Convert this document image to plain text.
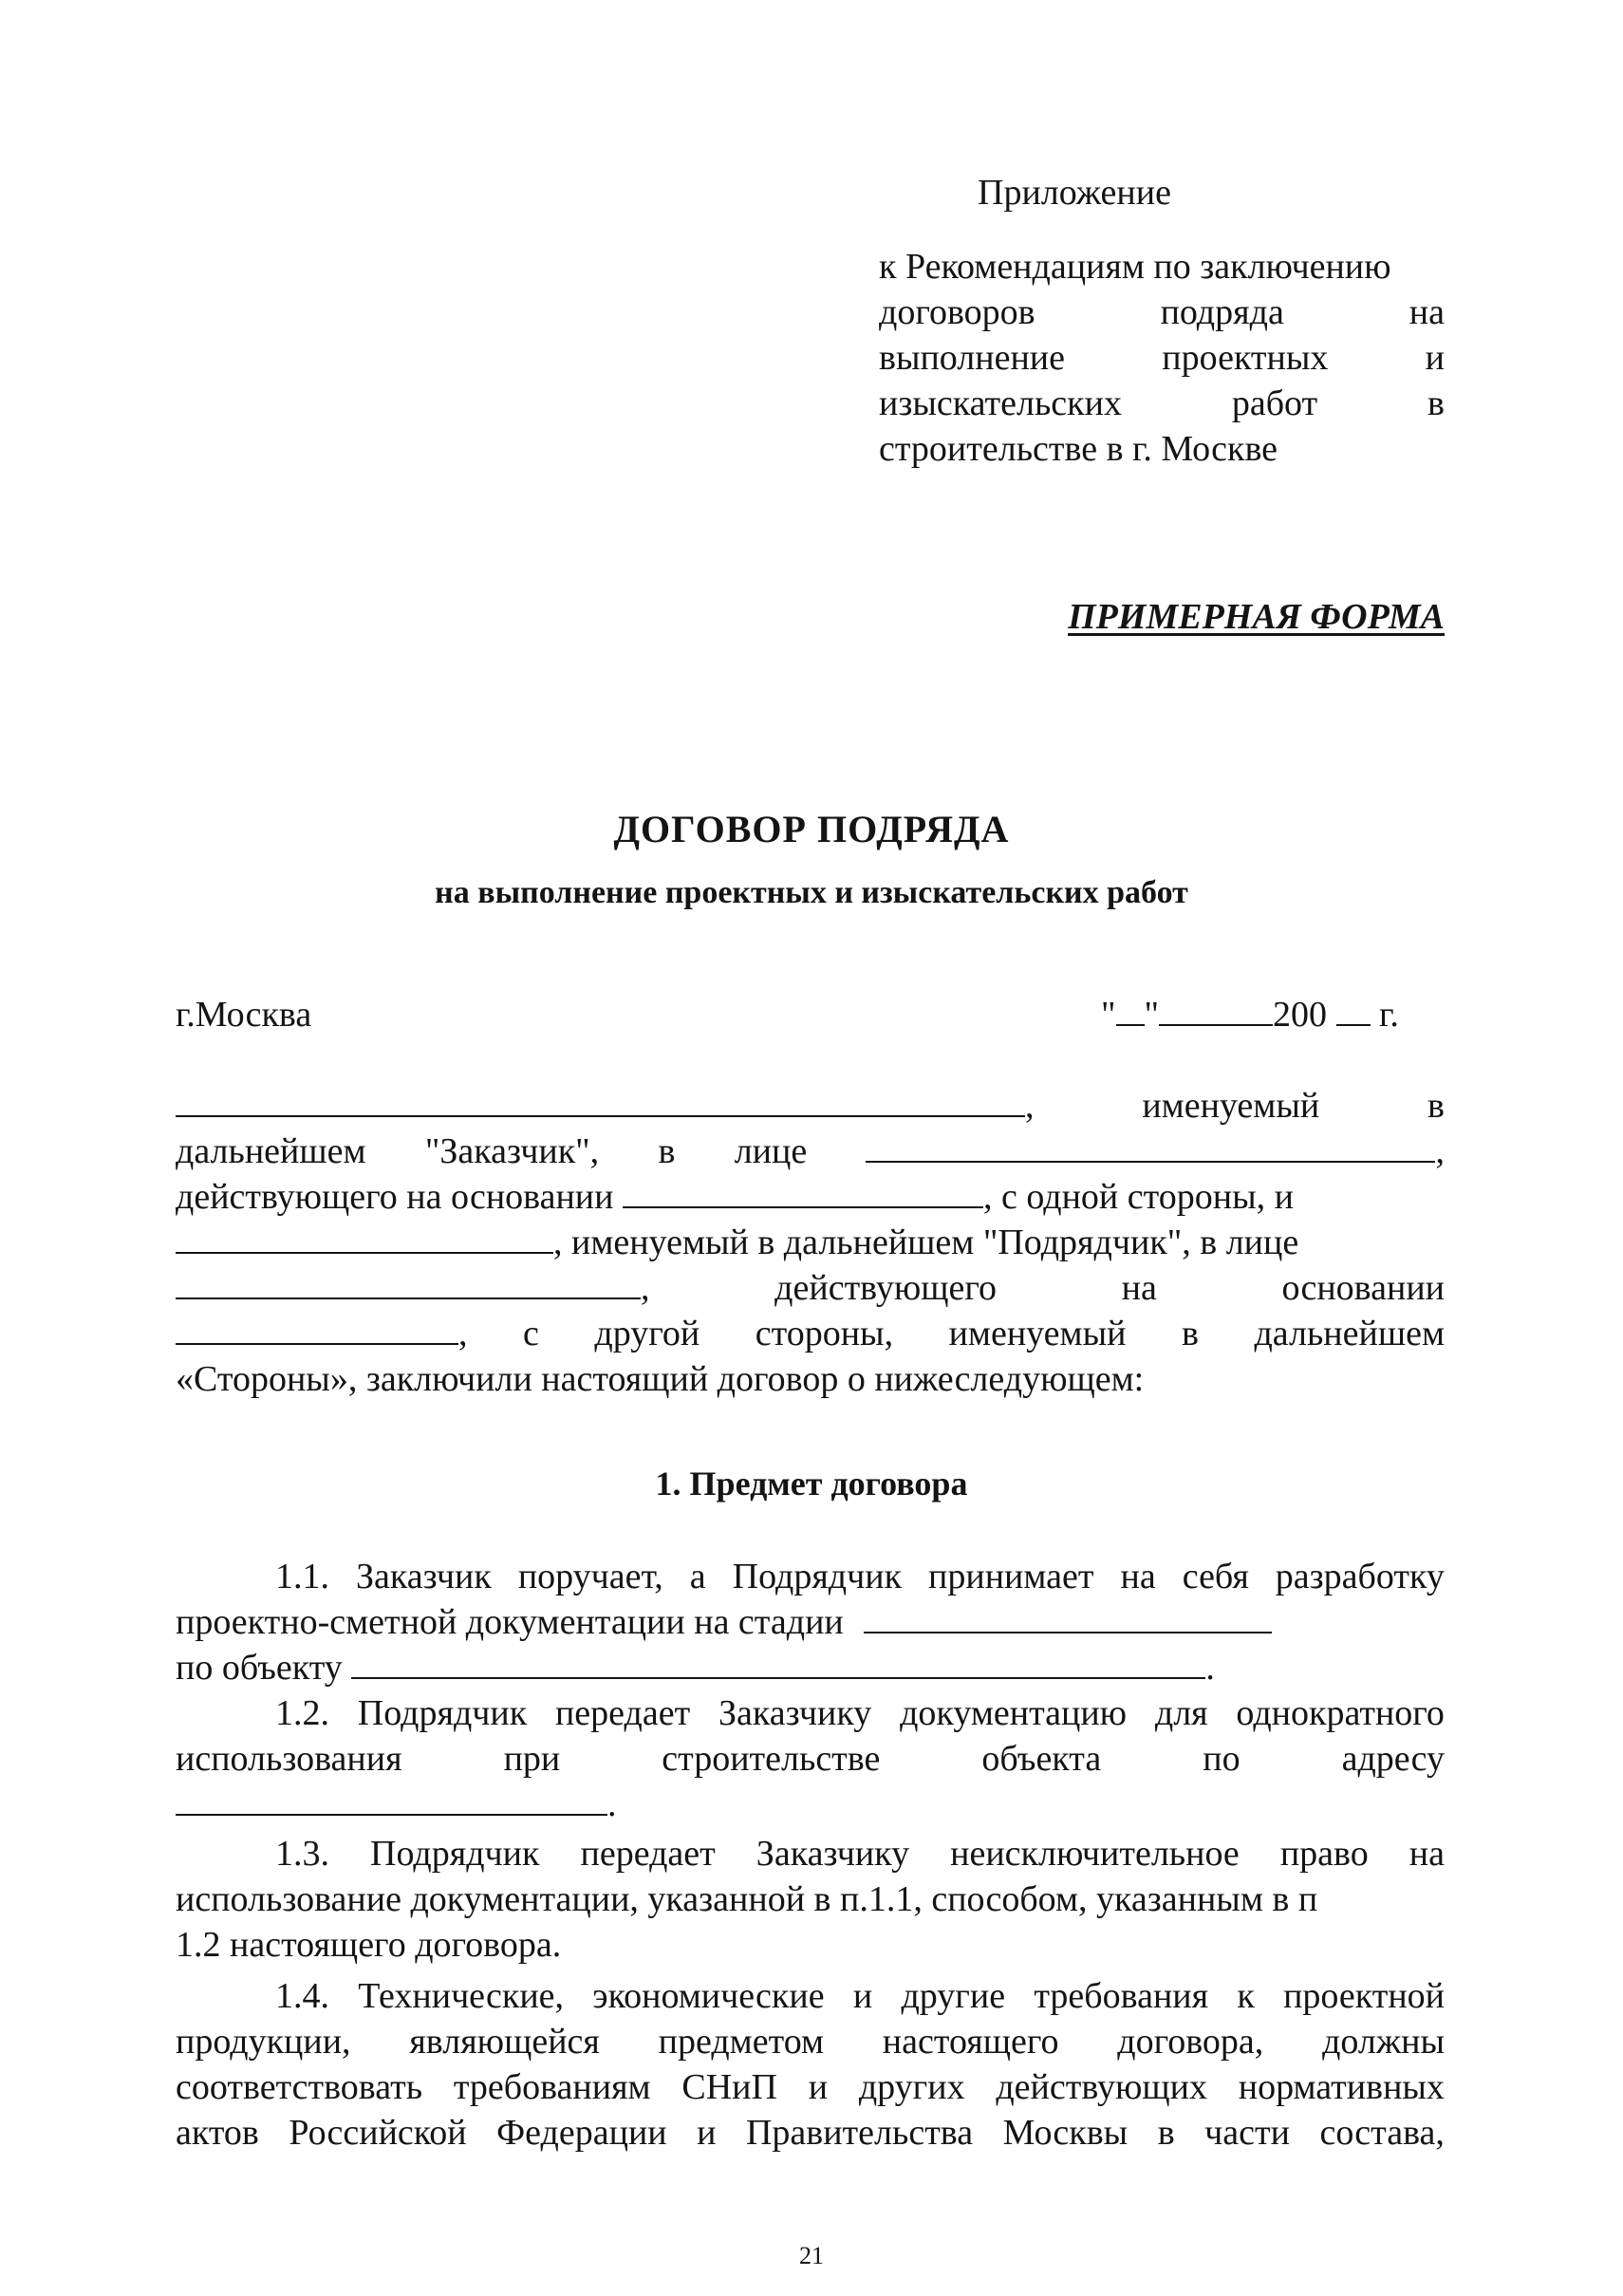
Приложение
к Рекомендациям по заключению
договоров	подряда	на
выполнение	проектных	и
изыскательских	работ	в
строительстве в г. Москве
ПРИМЕРНАЯ ФОРМА
ДОГОВОР ПОДРЯДА
на выполнение проектных и изыскательских работ
г.Москва	" "	200 г.
,	именуемый	в
дальнейшем "Заказчик", в лице	,
действующего на основании	, с одной стороны, и
, именуемый в дальнейшем "Подрядчик", в лице
,	действующего	на	основании
, с другой стороны, именуемый в дальнейшем
«Стороны», заключили настоящий договор о нижеследующем:
1. Предмет договора
1.1. Заказчик поручает, а Подрядчик принимает на себя разработку
проектно-сметной документации на стадии
по объекту	.
1.2. Подрядчик передает Заказчику документацию для однократного
использования	при	строительстве	объекта	по	адресу
.
1.3. Подрядчик передает Заказчику неисключительное право на
использование документации, указанной в п.1.1, способом, указанным в п
1.2 настоящего договора.
1.4. Технические, экономические и другие требования к проектной
продукции, являющейся предметом настоящего договора, должны
соответствовать требованиям СНиП и других действующих нормативных
актов Российской Федерации и Правительства Москвы в части состава,
21
